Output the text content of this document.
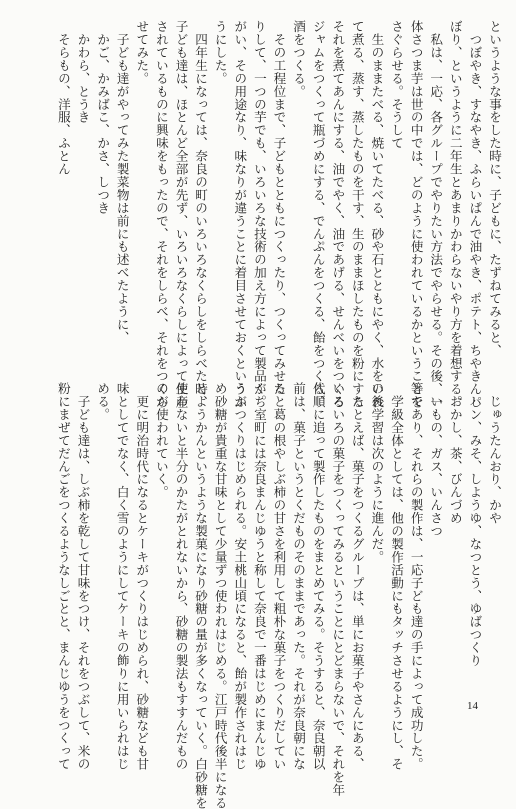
というような事をした時に、子どもに、たずねてみると、
　つぼやき、すなやき、ふらいぱんで油やき、ポテト、ちやきんし
ぼり、というように二年生とあまりかわらないやり方を着想する。
　私は、一応、各グループでやりたい方法でやらせる。その後、一
体さつま芋は世の中では、どのように使われているかということを
さぐらせる。そうして
　生のままたべる、焼いてたべる、砂や石とともにやく、水をいれ
て煮る、蒸す、蒸したものを干す、生のままほしたものを粉にする
それを煮てあんにする、油でやく、油であげる、せんべいをつくる
ジャムをつくって瓶づめにする、でんぷんをつくる、飴をつくる、
酒をつくる。
　その工程位まで、子どもとともにつくったり、つくってみせた
りして、一つの芋でも、いろいろな技術の加え方によって製品がち
がい、その用途なり、味なりが違うことに着目させておくというふ
うにした。
　四年生になっては、奈良の町のいろいろなくらしをしらべた時、
子ども達は、ほとんど全部が先ず、いろいろなくらしによって生産
されているものに興味をもったので、それをしらべ、それをつくら
せてみた。
　子ども達がやってみた製菜物は前にも述べたように、
　かご、かみばこ、かさ、しつき
　かわら、とうき
　そらもの、洋服、ふとん
　じゅうたんおり、かや
　パン、みそ、しようゆ、なつとう、ゆばつくり
　おかし、茶、びんづめ
　いもの、ガス、いんさつ
等であり、それらの製作は、一応子ども達の手によって成功した。
　学級全体としては、他の製作活動にもタッチさせるようにし、そ
の後学習は次のように進んだ。
　たとえば、菓子をつくるグループは、単にお菓子やさんにある、
いろいろの菓子をつくってみるということにとどまらないで、それを年
代順に追って製作したものをまとめてみる。そうすると、奈良朝以
前は、菓子というとくだものそのままであった。それが奈良朝にな
ると葛の根やしぶ柿の甘さを利用して粗朴な菓子をつくりだしてい
く。室町には奈良まんじゆうと称して奈良で一番はじめにまんじゆ
うがつくりはじめられる。安土桃山頃になると、飴が製作されはじ
め砂糖が貴重な甘味として少量ずつ使われはじめる。江戸時代後半になる
とようかんというような製菓になり砂糖の量が多くなっていく。白砂糖を
使わないと半分のかたがとれないから、砂糖の製法もすすんだもの
のが使われていく。
　更に明治時代になるとケーキがつくりはじめられ、砂糖なども甘
味としてでなく、白く雪のようにしてケーキの飾りに用いられはじ
める。
　子ども達は、しぶ柿を乾して甘味をつけ、それをつぶして、米の
粉にまぜてだんごをつくるようなしごとと、まんじゆうをつくって	14
